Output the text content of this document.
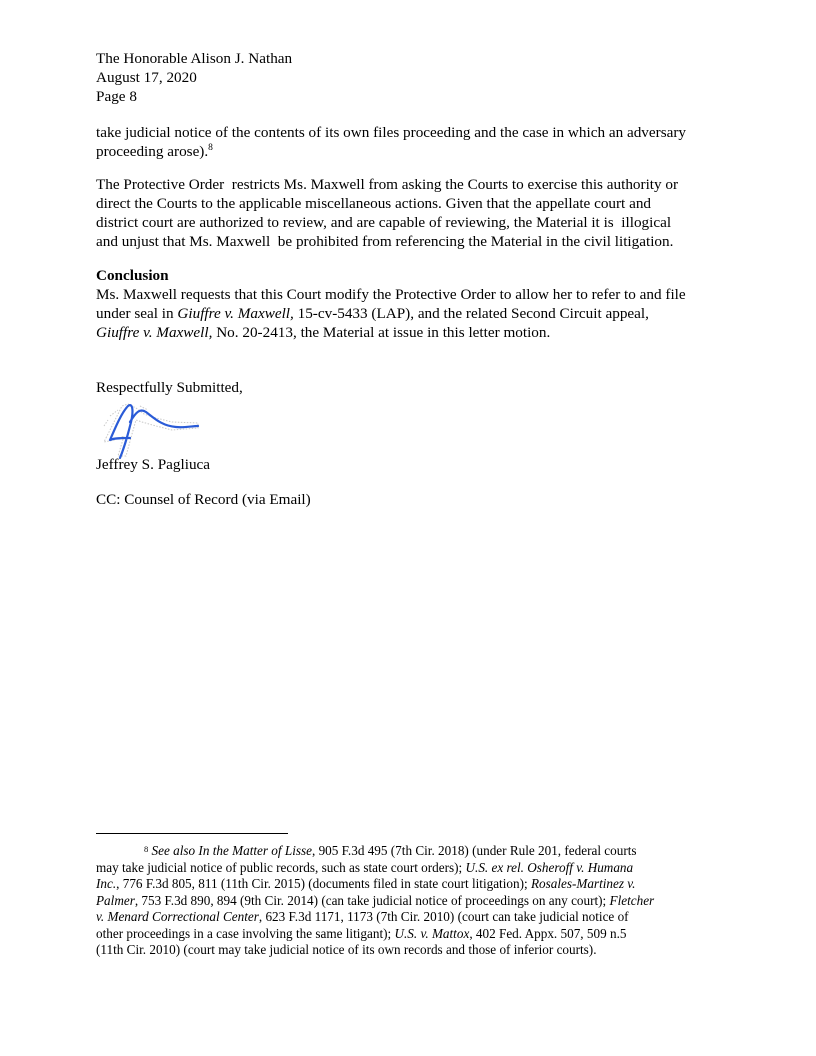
The Honorable Alison J. Nathan
August 17, 2020
Page 8
take judicial notice of the contents of its own files proceeding and the case in which an adversary
proceeding arose).$^8$
The Protective Order  restricts Ms. Maxwell from asking the Courts to exercise this authority or
direct the Courts to the applicable miscellaneous actions. Given that the appellate court and
district court are authorized to review, and are capable of reviewing, the Material it is  illogical
and unjust that Ms. Maxwell  be prohibited from referencing the Material in the civil litigation.
Conclusion
Ms. Maxwell requests that this Court modify the Protective Order to allow her to refer to and file
under seal in Giuffre v. Maxwell, 15-cv-5433 (LAP), and the related Second Circuit appeal,
Giuffre v. Maxwell, No. 20-2413, the Material at issue in this letter motion.
Respectfully Submitted,
Jeffrey S. Pagliuca
CC: Counsel of Record (via Email)
$^8$ See also In the Matter of Lisse, 905 F.3d 495 (7th Cir. 2018) (under Rule 201, federal courts
may take judicial notice of public records, such as state court orders); U.S. ex rel. Osheroff v. Humana
Inc., 776 F.3d 805, 811 (11th Cir. 2015) (documents filed in state court litigation); Rosales-Martinez v.
Palmer, 753 F.3d 890, 894 (9th Cir. 2014) (can take judicial notice of proceedings on any court); Fletcher
v. Menard Correctional Center, 623 F.3d 1171, 1173 (7th Cir. 2010) (court can take judicial notice of
other proceedings in a case involving the same litigant); U.S. v. Mattox, 402 Fed. Appx. 507, 509 n.5
(11th Cir. 2010) (court may take judicial notice of its own records and those of inferior courts).
